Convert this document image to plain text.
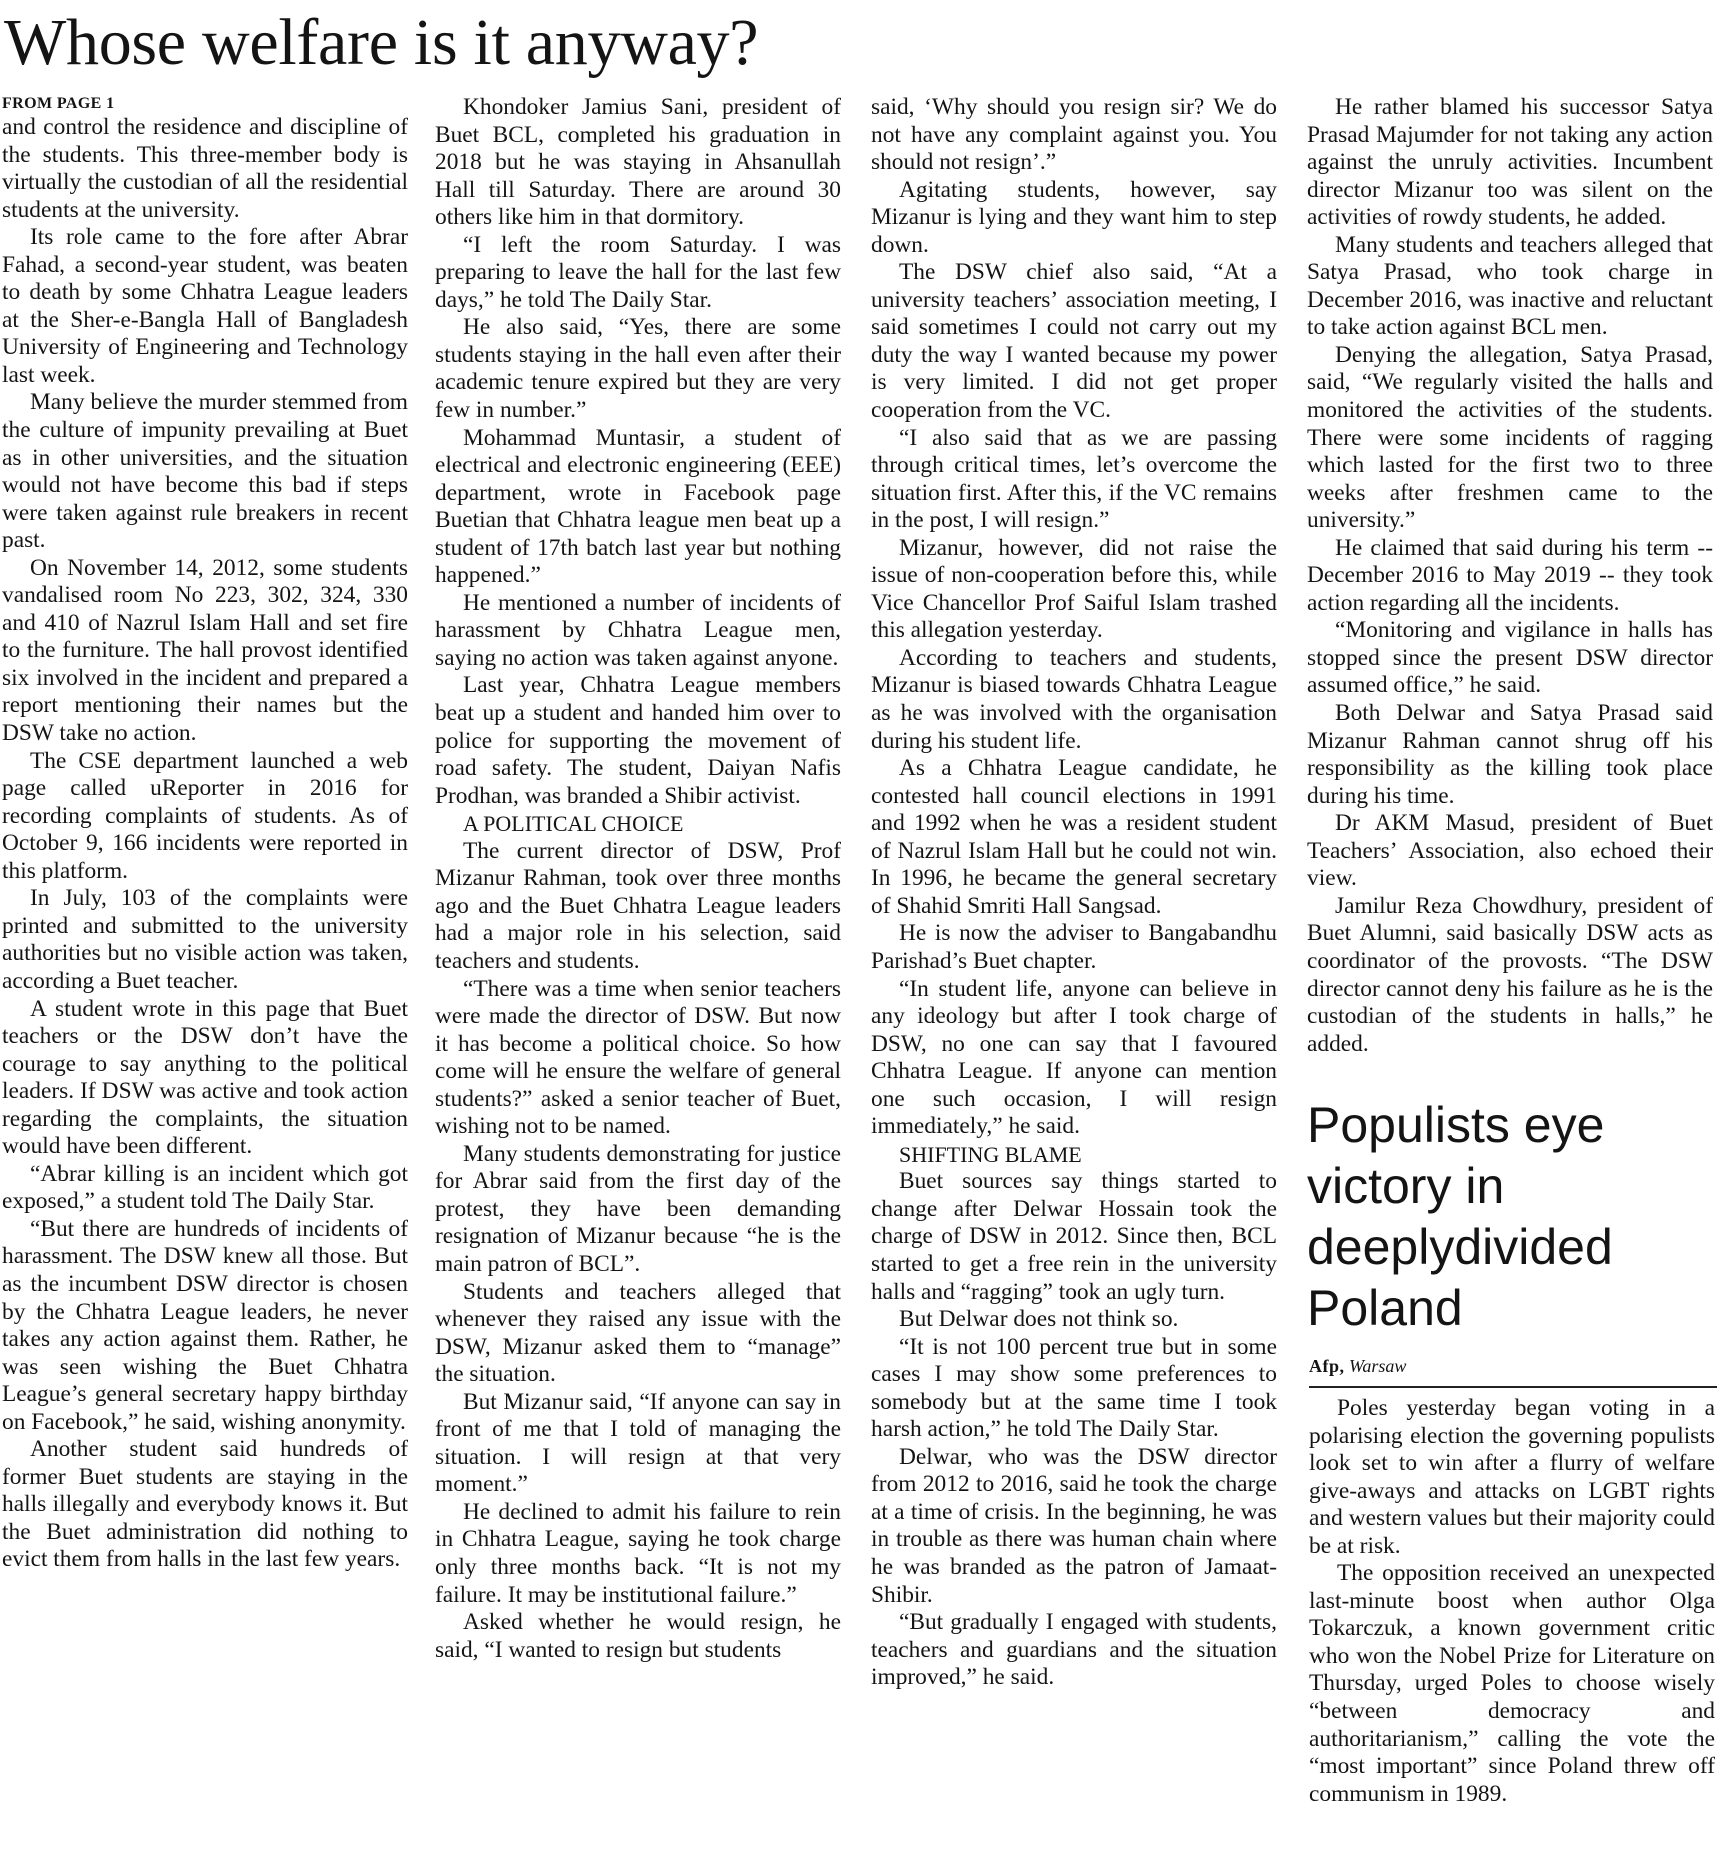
Whose welfare is it anyway?
FROM PAGE 1

and control the residence and discipline of the students. This three-member body is virtually the custodian of all the residential students at the university.

Its role came to the fore after Abrar Fahad, a second-year student, was beaten to death by some Chhatra League leaders at the Sher-e-Bangla Hall of Bangladesh University of Engineering and Technology last week.

Many believe the murder stemmed from the culture of impunity prevailing at Buet as in other universities, and the situation would not have become this bad if steps were taken against rule breakers in recent past.

On November 14, 2012, some students vandalised room No 223, 302, 324, 330 and 410 of Nazrul Islam Hall and set fire to the furniture. The hall provost identified six involved in the incident and prepared a report mentioning their names but the DSW take no action.

The CSE department launched a web page called uReporter in 2016 for recording complaints of students. As of October 9, 166 incidents were reported in this platform.

In July, 103 of the complaints were printed and submitted to the university authorities but no visible action was taken, according a Buet teacher.

A student wrote in this page that Buet teachers or the DSW don’t have the courage to say anything to the political leaders. If DSW was active and took action regarding the complaints, the situation would have been different.

“Abrar killing is an incident which got exposed,” a student told The Daily Star.

“But there are hundreds of incidents of harassment. The DSW knew all those. But as the incumbent DSW director is chosen by the Chhatra League leaders, he never takes any action against them. Rather, he was seen wishing the Buet Chhatra League’s general secretary happy birthday on Facebook,” he said, wishing anonymity.

Another student said hundreds of former Buet students are staying in the halls illegally and everybody knows it. But the Buet administration did nothing to evict them from halls in the last few years.

Khondoker Jamius Sani, president of Buet BCL, completed his graduation in 2018 but he was staying in Ahsanullah Hall till Saturday. There are around 30 others like him in that dormitory.

“I left the room Saturday. I was preparing to leave the hall for the last few days,” he told The Daily Star.

He also said, “Yes, there are some students staying in the hall even after their academic tenure expired but they are very few in number.”

Mohammad Muntasir, a student of electrical and electronic engineering (EEE) department, wrote in Facebook page Buetian that Chhatra league men beat up a student of 17th batch last year but nothing happened.”

He mentioned a number of incidents of harassment by Chhatra League men, saying no action was taken against anyone.

Last year, Chhatra League members beat up a student and handed him over to police for supporting the movement of road safety. The student, Daiyan Nafis Prodhan, was branded a Shibir activist.

A POLITICAL CHOICE

The current director of DSW, Prof Mizanur Rahman, took over three months ago and the Buet Chhatra League leaders had a major role in his selection, said teachers and students.

“There was a time when senior teachers were made the director of DSW. But now it has become a political choice. So how come will he ensure the welfare of general students?” asked a senior teacher of Buet, wishing not to be named.

Many students demonstrating for justice for Abrar said from the first day of the protest, they have been demanding resignation of Mizanur because “he is the main patron of BCL”.

Students and teachers alleged that whenever they raised any issue with the DSW, Mizanur asked them to “manage” the situation.

But Mizanur said, “If anyone can say in front of me that I told of managing the situation. I will resign at that very moment.”

He declined to admit his failure to rein in Chhatra League, saying he took charge only three months back. “It is not my failure. It may be institutional failure.”

Asked whether he would resign, he said, “I wanted to resign but students

said, ‘Why should you resign sir? We do not have any complaint against you. You should not resign’.”

Agitating students, however, say Mizanur is lying and they want him to step down.

The DSW chief also said, “At a university teachers’ association meeting, I said sometimes I could not carry out my duty the way I wanted because my power is very limited. I did not get proper cooperation from the VC.

“I also said that as we are passing through critical times, let’s overcome the situation first. After this, if the VC remains in the post, I will resign.”

Mizanur, however, did not raise the issue of non-cooperation before this, while Vice Chancellor Prof Saiful Islam trashed this allegation yesterday.

According to teachers and students, Mizanur is biased towards Chhatra League as he was involved with the organisation during his student life.

As a Chhatra League candidate, he contested hall council elections in 1991 and 1992 when he was a resident student of Nazrul Islam Hall but he could not win. In 1996, he became the general secretary of Shahid Smriti Hall Sangsad.

He is now the adviser to Bangabandhu Parishad’s Buet chapter.

“In student life, anyone can believe in any ideology but after I took charge of DSW, no one can say that I favoured Chhatra League. If anyone can mention one such occasion, I will resign immediately,” he said.

SHIFTING BLAME

Buet sources say things started to change after Delwar Hossain took the charge of DSW in 2012. Since then, BCL started to get a free rein in the university halls and “ragging” took an ugly turn.

But Delwar does not think so.

“It is not 100 percent true but in some cases I may show some preferences to somebody but at the same time I took harsh action,” he told The Daily Star.

Delwar, who was the DSW director from 2012 to 2016, said he took the charge at a time of crisis. In the beginning, he was in trouble as there was human chain where he was branded as the patron of Jamaat-Shibir.

“But gradually I engaged with students, teachers and guardians and the situation improved,” he said.

He rather blamed his successor Satya Prasad Majumder for not taking any action against the unruly activities. Incumbent director Mizanur too was silent on the activities of rowdy students, he added.

Many students and teachers alleged that Satya Prasad, who took charge in December 2016, was inactive and reluctant to take action against BCL men.

Denying the allegation, Satya Prasad, said, “We regularly visited the halls and monitored the activities of the students. There were some incidents of ragging which lasted for the first two to three weeks after freshmen came to the university.”

He claimed that said during his term -- December 2016 to May 2019 -- they took action regarding all the incidents.

“Monitoring and vigilance in halls has stopped since the present DSW director assumed office,” he said.

Both Delwar and Satya Prasad said Mizanur Rahman cannot shrug off his responsibility as the killing took place during his time.

Dr AKM Masud, president of Buet Teachers’ Association, also echoed their view.

Jamilur Reza Chowdhury, president of Buet Alumni, said basically DSW acts as coordinator of the provosts. “The DSW director cannot deny his failure as he is the custodian of the students in halls,” he added.

Populists eye victory in deeplydivided Poland
Afp, Warsaw

Poles yesterday began voting in a polarising election the governing populists look set to win after a flurry of welfare give-aways and attacks on LGBT rights and western values but their majority could be at risk.

The opposition received an unexpected last-minute boost when author Olga Tokarczuk, a known government critic who won the Nobel Prize for Literature on Thursday, urged Poles to choose wisely “between democracy and authoritarianism,” calling the vote the “most important” since Poland threw off communism in 1989.
